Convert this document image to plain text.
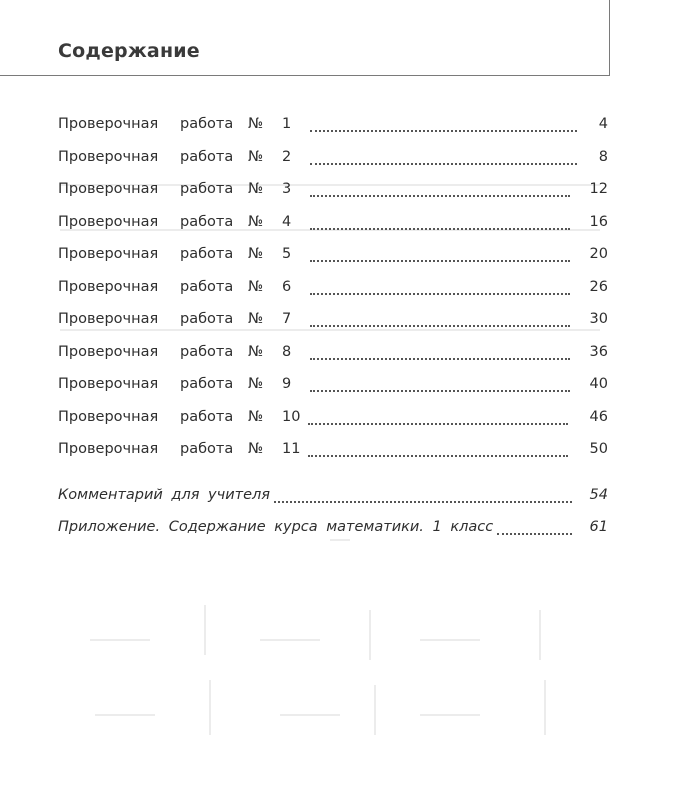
Содержание
Проверочная работа № 1	4
Проверочная работа № 2	8
Проверочная работа № 3	12
Проверочная работа № 4	16
Проверочная работа № 5	20
Проверочная работа № 6	26
Проверочная работа № 7	30
Проверочная работа № 8	36
Проверочная работа № 9	40
Проверочная работа № 10	46
Проверочная работа № 11	50
Комментарий для учителя	54
Приложение. Содержание курса математики. 1 класс	61
